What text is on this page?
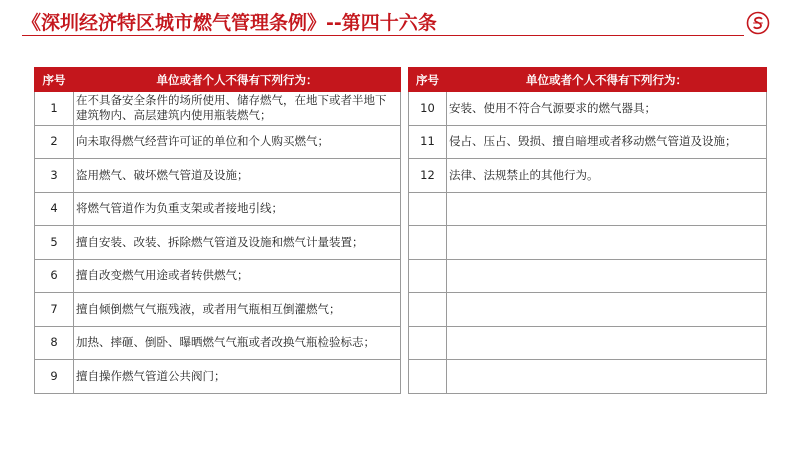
《深圳经济特区城市燃气管理条例》--第四十六条
序号	单位或者个人不得有下列行为：
1	在不具备安全条件的场所使用、储存燃气，在地下或者半地下建筑物内、高层建筑内使用瓶装燃气；
2	向未取得燃气经营许可证的单位和个人购买燃气；
3	盗用燃气、破坏燃气管道及设施；
4	将燃气管道作为负重支架或者接地引线；
5	擅自安装、改装、拆除燃气管道及设施和燃气计量装置；
6	擅自改变燃气用途或者转供燃气；
7	擅自倾倒燃气气瓶残液，或者用气瓶相互倒灌燃气；
8	加热、摔砸、倒卧、曝晒燃气气瓶或者改换气瓶检验标志；
9	擅自操作燃气管道公共阀门；
序号	单位或者个人不得有下列行为：
10	安装、使用不符合气源要求的燃气器具；
11	侵占、压占、毁损、擅自暗埋或者移动燃气管道及设施；
12	法律、法规禁止的其他行为。
